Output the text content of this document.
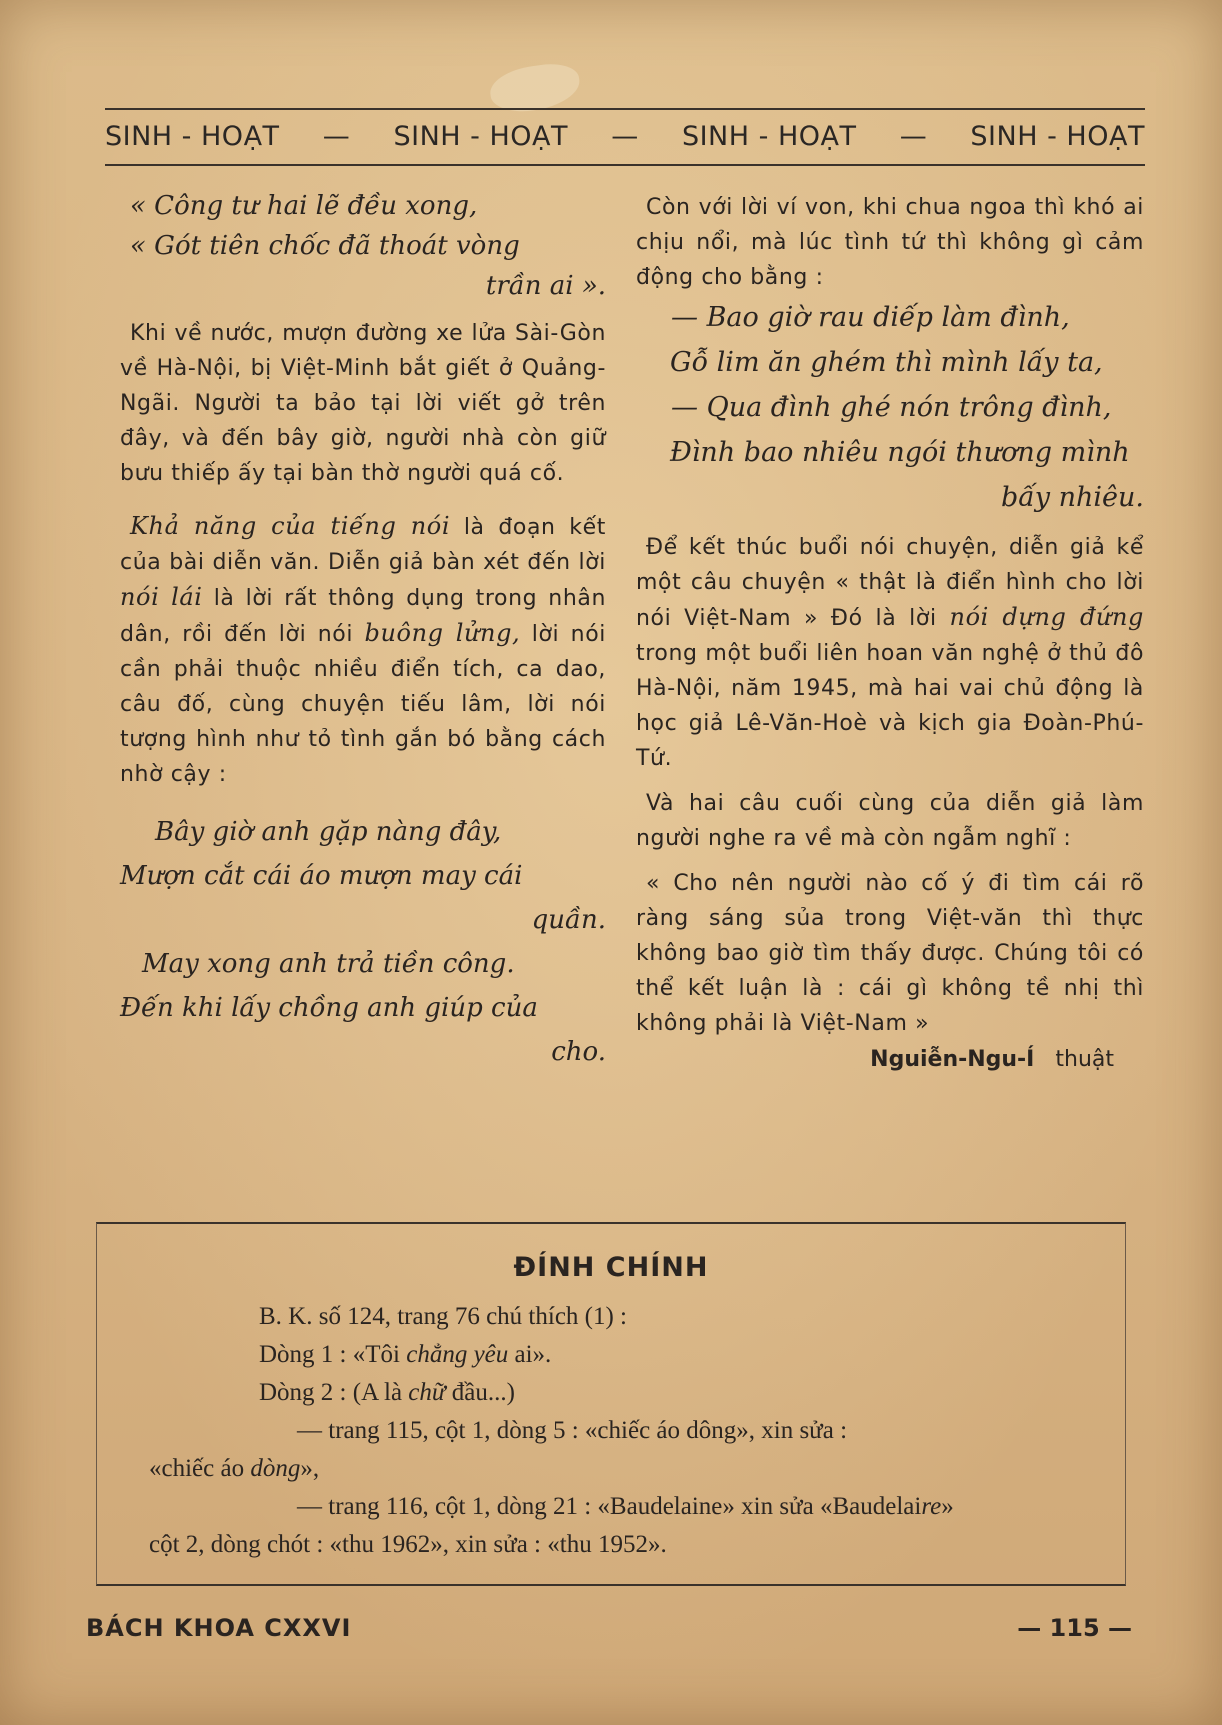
SINH - HOẠT — SINH - HOẠT — SINH - HOẠT — SINH - HOẠT
« Công tư hai lẽ đều xong,
« Gót tiên chốc đã thoát vòng
trần ai ».

Khi về nước, mượn đường xe lửa Sài-Gòn về Hà-Nội, bị Việt-Minh bắt giết ở Quảng-Ngãi. Người ta bảo tại lời viết gở trên đây, và đến bây giờ, người nhà còn giữ bưu thiếp ấy tại bàn thờ người quá cố.

Khả năng của tiếng nói là đoạn kết của bài diễn văn. Diễn giả bàn xét đến lời nói lái là lời rất thông dụng trong nhân dân, rồi đến lời nói buông lửng, lời nói cần phải thuộc nhiều điển tích, ca dao, câu đố, cùng chuyện tiếu lâm, lời nói tượng hình như tỏ tình gắn bó bằng cách nhờ cậy :

Bây giờ anh gặp nàng đây,
Mượn cắt cái áo mượn may cái
quần.
May xong anh trả tiền công.
Đến khi lấy chồng anh giúp của
cho.

Còn với lời ví von, khi chua ngoa thì khó ai chịu nổi, mà lúc tình tứ thì không gì cảm động cho bằng :

— Bao giờ rau diếp làm đình,
Gỗ lim ăn ghém thì mình lấy ta,
— Qua đình ghé nón trông đình,
Đình bao nhiêu ngói thương mình
bấy nhiêu.

Để kết thúc buổi nói chuyện, diễn giả kể một câu chuyện « thật là điển hình cho lời nói Việt-Nam » Đó là lời nói dựng đứng trong một buổi liên hoan văn nghệ ở thủ đô Hà-Nội, năm 1945, mà hai vai chủ động là học giả Lê-Văn-Hoè và kịch gia Đoàn-Phú-Tứ.

Và hai câu cuối cùng của diễn giả làm người nghe ra về mà còn ngẫm nghĩ :

« Cho nên người nào cố ý đi tìm cái rõ ràng sáng sủa trong Việt-văn thì thực không bao giờ tìm thấy được. Chúng tôi có thể kết luận là : cái gì không tề nhị thì không phải là Việt-Nam »

Nguiễn-Ngu-Í thuật
ĐÍNH CHÍNH
B. K. số 124, trang 76 chú thích (1) :
Dòng 1 : «Tôi chẳng yêu ai».
Dòng 2 : (A là chữ đầu...)
— trang 115, cột 1, dòng 5 : «chiếc áo dông», xin sửa :
«chiếc áo dòng»,
— trang 116, cột 1, dòng 21 : «Baudelaine» xin sửa «Baudelaire»
cột 2, dòng chót : «thu 1962», xin sửa : «thu 1952».
BÁCH KHOA CXXVI	— 115 —
